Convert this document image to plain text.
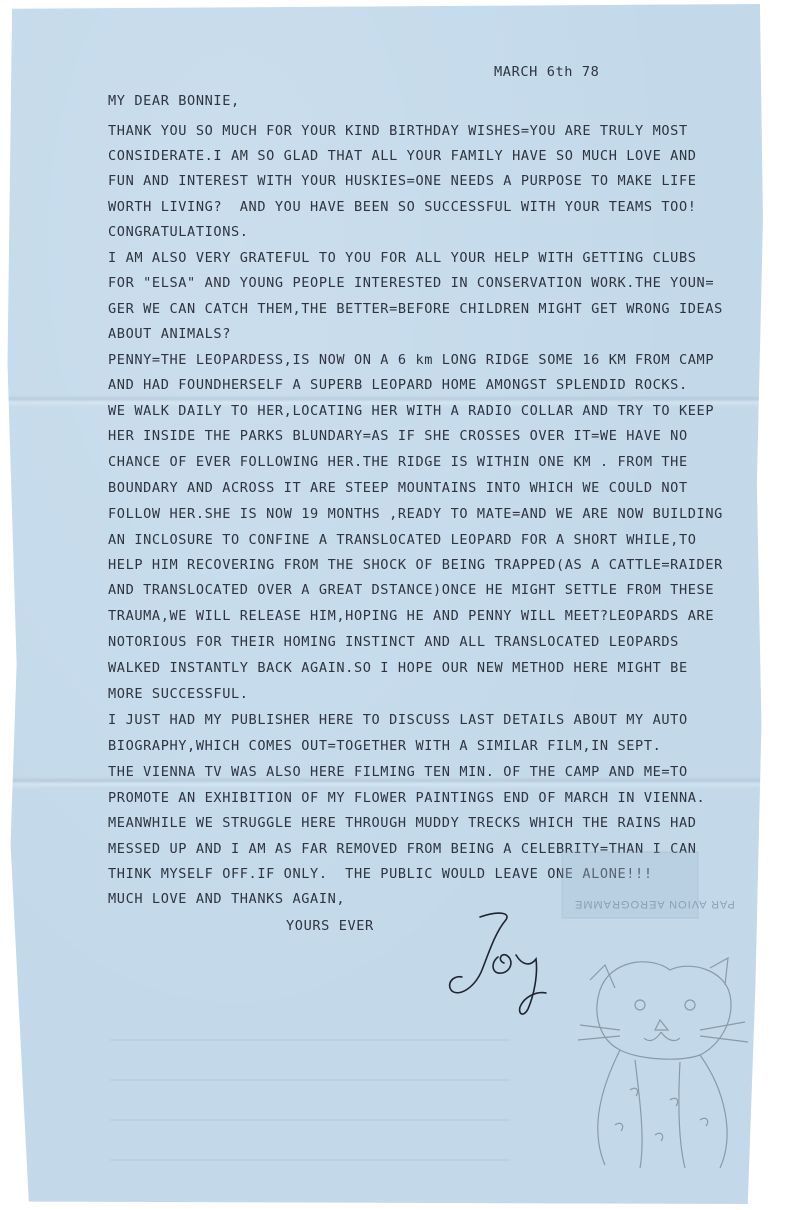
MARCH 6th 78
MY DEAR BONNIE,
THANK YOU SO MUCH FOR YOUR KIND BIRTHDAY WISHES=YOU ARE TRULY MOST
CONSIDERATE.I AM SO GLAD THAT ALL YOUR FAMILY HAVE SO MUCH LOVE AND
FUN AND INTEREST WITH YOUR HUSKIES=ONE NEEDS A PURPOSE TO MAKE LIFE
WORTH LIVING?  AND YOU HAVE BEEN SO SUCCESSFUL WITH YOUR TEAMS TOO!
CONGRATULATIONS.
I AM ALSO VERY GRATEFUL TO YOU FOR ALL YOUR HELP WITH GETTING CLUBS
FOR "ELSA" AND YOUNG PEOPLE INTERESTED IN CONSERVATION WORK.THE YOUN=
GER WE CAN CATCH THEM,THE BETTER=BEFORE CHILDREN MIGHT GET WRONG IDEAS
ABOUT ANIMALS?
PENNY=THE LEOPARDESS,IS NOW ON A 6 km LONG RIDGE SOME 16 KM FROM CAMP
AND HAD FOUNDHERSELF A SUPERB LEOPARD HOME AMONGST SPLENDID ROCKS.
WE WALK DAILY TO HER,LOCATING HER WITH A RADIO COLLAR AND TRY TO KEEP
HER INSIDE THE PARKS BLUNDARY=AS IF SHE CROSSES OVER IT=WE HAVE NO
CHANCE OF EVER FOLLOWING HER.THE RIDGE IS WITHIN ONE KM . FROM THE
BOUNDARY AND ACROSS IT ARE STEEP MOUNTAINS INTO WHICH WE COULD NOT
FOLLOW HER.SHE IS NOW 19 MONTHS ,READY TO MATE=AND WE ARE NOW BUILDING
AN INCLOSURE TO CONFINE A TRANSLOCATED LEOPARD FOR A SHORT WHILE,TO
HELP HIM RECOVERING FROM THE SHOCK OF BEING TRAPPED(AS A CATTLE=RAIDER
AND TRANSLOCATED OVER A GREAT DSTANCE)ONCE HE MIGHT SETTLE FROM THESE
TRAUMA,WE WILL RELEASE HIM,HOPING HE AND PENNY WILL MEET?LEOPARDS ARE
NOTORIOUS FOR THEIR HOMING INSTINCT AND ALL TRANSLOCATED LEOPARDS
WALKED INSTANTLY BACK AGAIN.SO I HOPE OUR NEW METHOD HERE MIGHT BE
MORE SUCCESSFUL.
I JUST HAD MY PUBLISHER HERE TO DISCUSS LAST DETAILS ABOUT MY AUTO
BIOGRAPHY,WHICH COMES OUT=TOGETHER WITH A SIMILAR FILM,IN SEPT.
THE VIENNA TV WAS ALSO HERE FILMING TEN MIN. OF THE CAMP AND ME=TO
PROMOTE AN EXHIBITION OF MY FLOWER PAINTINGS END OF MARCH IN VIENNA.
MEANWHILE WE STRUGGLE HERE THROUGH MUDDY TRECKS WHICH THE RAINS HAD
MESSED UP AND I AM AS FAR REMOVED FROM BEING A CELEBRITY=THAN I CAN
THINK MYSELF OFF.IF ONLY.  THE PUBLIC WOULD LEAVE ONE ALONE!!!
MUCH LOVE AND THANKS AGAIN,
YOURS EVER
PAR AVION AEROGRAMME
